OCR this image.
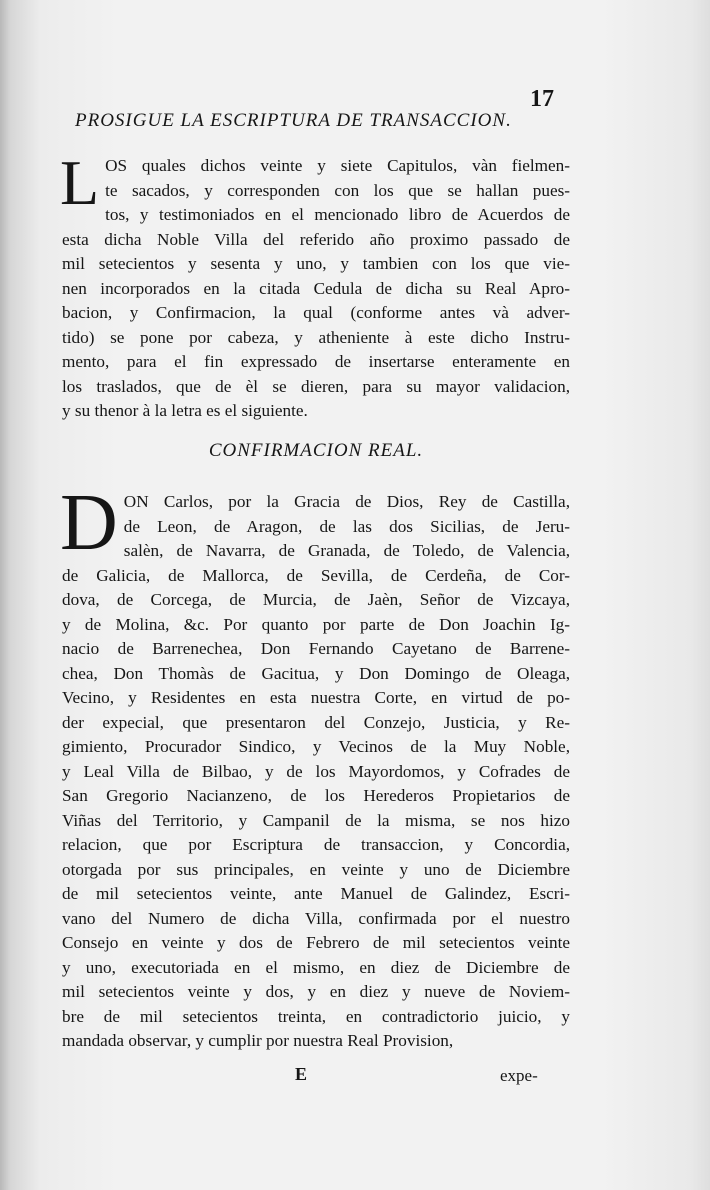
17
PROSIGUE LA ESCRIPTURA DE TRANSACCION.

L OS quales dichos veinte y siete Capitulos, vàn fielmen-
te sacados, y corresponden con los que se hallan pues-
tos, y testimoniados en el mencionado libro de Acuerdos de
esta dicha Noble Villa del referido año proximo passado de
mil setecientos y sesenta y uno, y tambien con los que vie-
nen incorporados en la citada Cedula de dicha su Real Apro-
bacion, y Confirmacion, la qual (conforme antes và adver-
tido) se pone por cabeza, y atheniente à este dicho Instru-
mento, para el fin expressado de insertarse enteramente en
los traslados, que de èl se dieren, para su mayor validacion,
y su thenor à la letra es el siguiente.

CONFIRMACION REAL.

D ON Carlos, por la Gracia de Dios, Rey de Castilla,
de Leon, de Aragon, de las dos Sicilias, de Jeru-
salèn, de Navarra, de Granada, de Toledo, de Valencia,
de Galicia, de Mallorca, de Sevilla, de Cerdeña, de Cor-
dova, de Corcega, de Murcia, de Jaèn, Señor de Vizcaya,
y de Molina, &c. Por quanto por parte de Don Joachin Ig-
nacio de Barrenechea, Don Fernando Cayetano de Barrene-
chea, Don Thomàs de Gacitua, y Don Domingo de Oleaga,
Vecino, y Residentes en esta nuestra Corte, en virtud de po-
der expecial, que presentaron del Conzejo, Justicia, y Re-
gimiento, Procurador Sindico, y Vecinos de la Muy Noble,
y Leal Villa de Bilbao, y de los Mayordomos, y Cofrades de
San Gregorio Nacianzeno, de los Herederos Propietarios de
Viñas del Territorio, y Campanil de la misma, se nos hizo
relacion, que por Escriptura de transaccion, y Concordia,
otorgada por sus principales, en veinte y uno de Diciembre
de mil setecientos veinte, ante Manuel de Galindez, Escri-
vano del Numero de dicha Villa, confirmada por el nuestro
Consejo en veinte y dos de Febrero de mil setecientos veinte
y uno, executoriada en el mismo, en diez de Diciembre de
mil setecientos veinte y dos, y en diez y nueve de Noviem-
bre de mil setecientos treinta, en contradictorio juicio, y
mandada observar, y cumplir por nuestra Real Provision,

E	expe-
